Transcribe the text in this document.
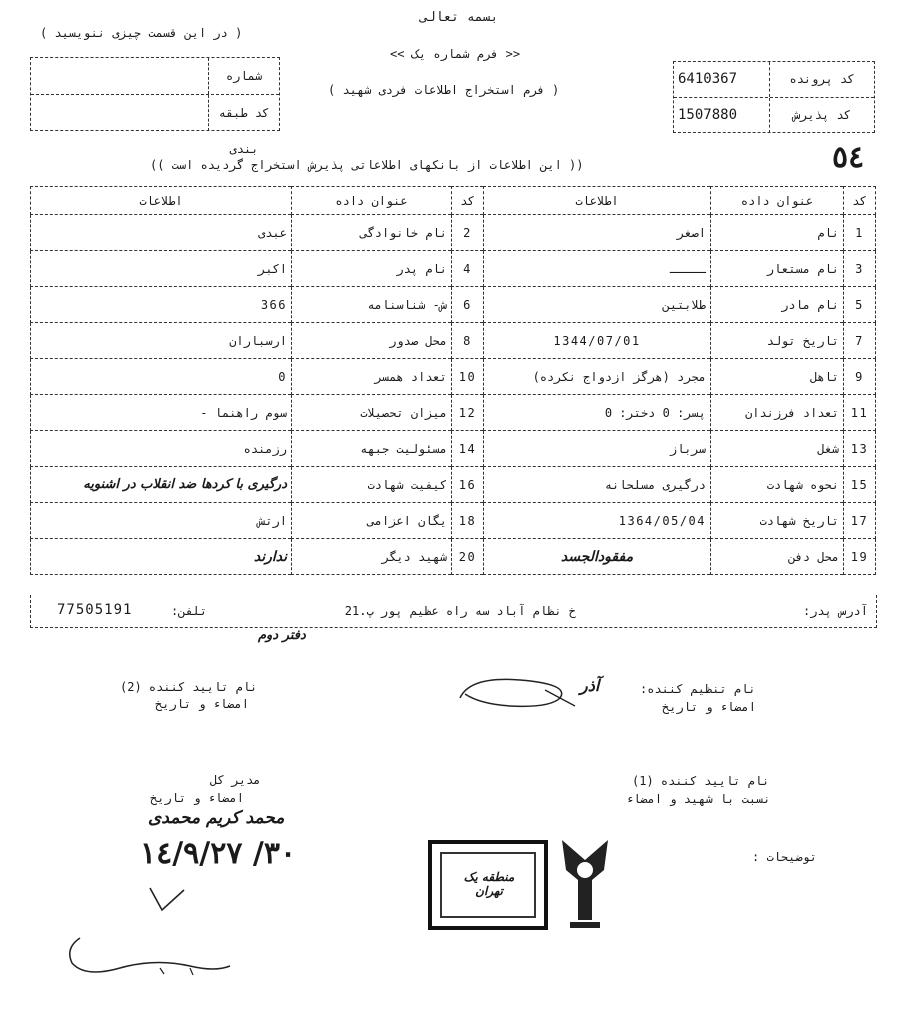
بسمه تعالی
( در این قسمت چیزی ننویسید )
<< فرم شماره یک >>
( فرم استخراج اطلاعات فردی شهید )
٥٤
شماره
کد طبقه بندی
کد پرونده
6410367
کد پذیرش
1507880
(( این اطلاعات از بانکهای اطلاعاتی پذیرش استخراج گردیده است ))
کد	عنوان داده	اطلاعات	کد	عنوان داده	اطلاعات
1	نام	اصغر	2	نام خانوادگی	عبدی
3	نام مستعار	ـــــ	4	نام پدر	اکبر
5	نام مادر	طلابتین	6	ش- شناسنامه	366
7	تاریخ تولد	1344/07/01	8	محل صدور	ارسباران
9	تاهل	مجرد (هرگز ازدواج نکرده)	10	تعداد همسر	0
11	تعداد فرزندان	پسر: 0 دختر: 0	12	میزان تحصیلات	سوم راهنما -
13	شغل	سرباز	14	مسئولیت جبهه	رزمنده
15	نحوه شهادت	درگیری مسلحانه	16	کیفیت شهادت	درگیری با کردها ضد انقلاب در اشنویه
17	تاریخ شهادت	1364/05/04	18	یگان اعزامی	ارتش
19	محل دفن	مفقودالجسد	20	شهید دیگر	ندارند
آدرس پدر:
خ نظام آباد سه راه عظیم پور پ.21
تلفن:
77505191
دفتر دوم
نام تایید کننده (2)
امضاء و تاریخ
نام تنظیم کننده:
آذر
امضاء و تاریخ
مدیر کل
امضاء و تاریخ
محمد کریم محمدی
٣٠/ ١٤/٩/٢٧
نام تایید کننده (1)
نسبت با شهید و امضاء
توضیحات :
منطقه یک تهران
